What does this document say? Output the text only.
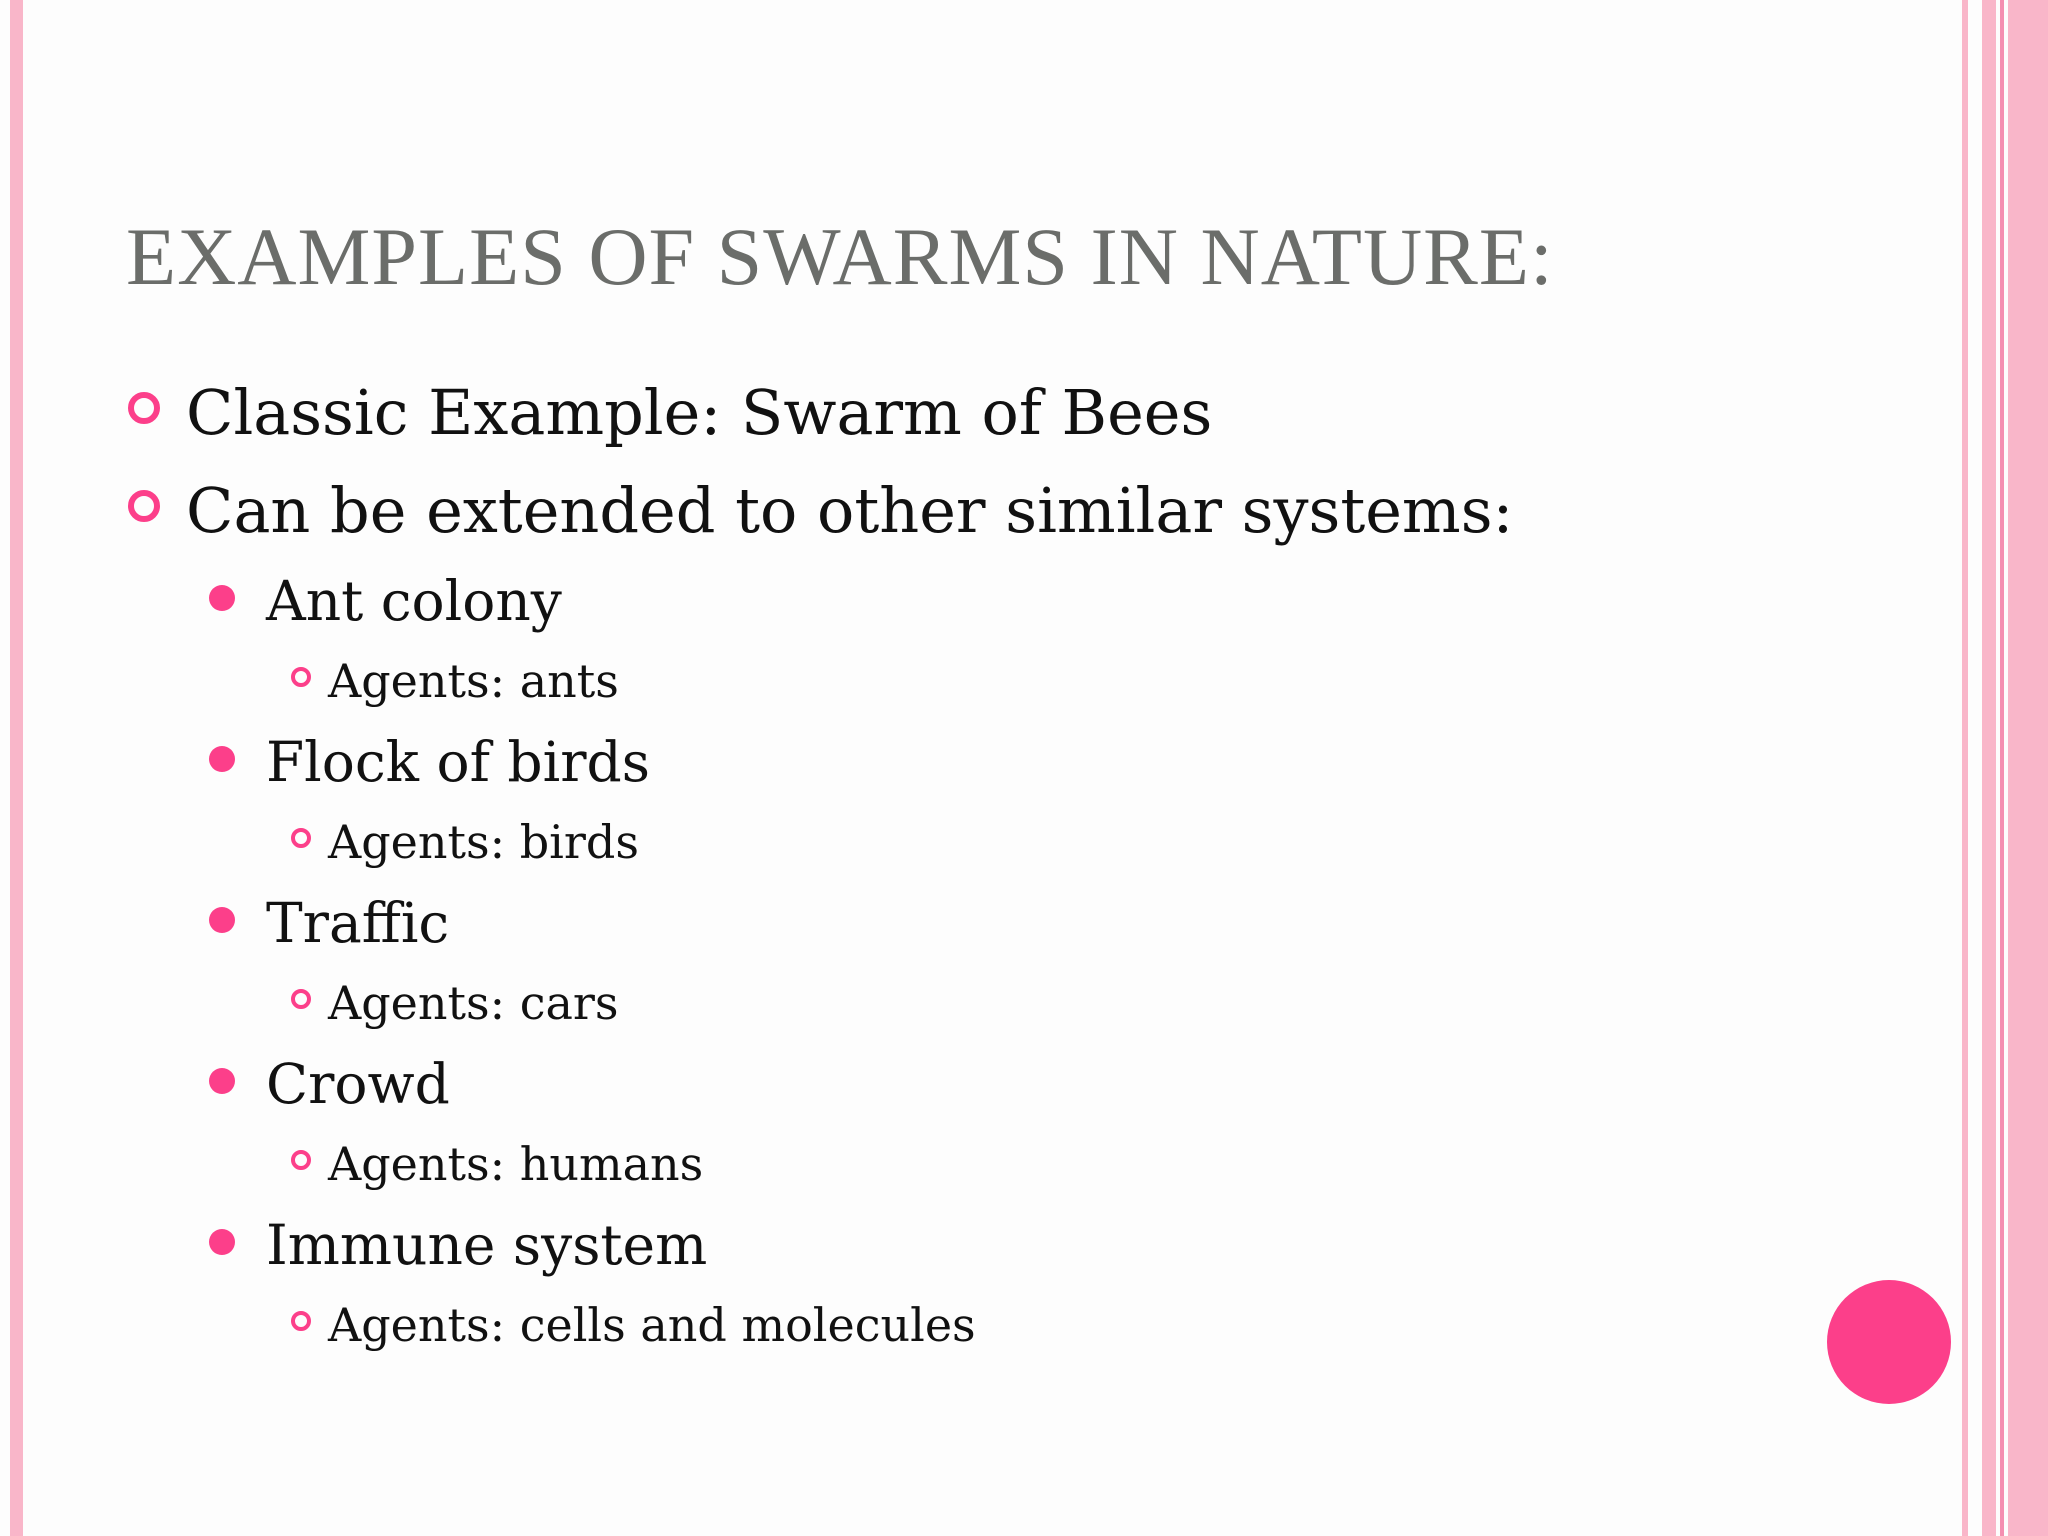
EXAMPLES OF SWARMS IN NATURE:
Classic Example: Swarm of Bees
Can be extended to other similar systems:
Ant colony
Agents: ants
Flock of birds
Agents: birds
Traffic
Agents: cars
Crowd
Agents: humans
Immune system
Agents: cells and molecules
